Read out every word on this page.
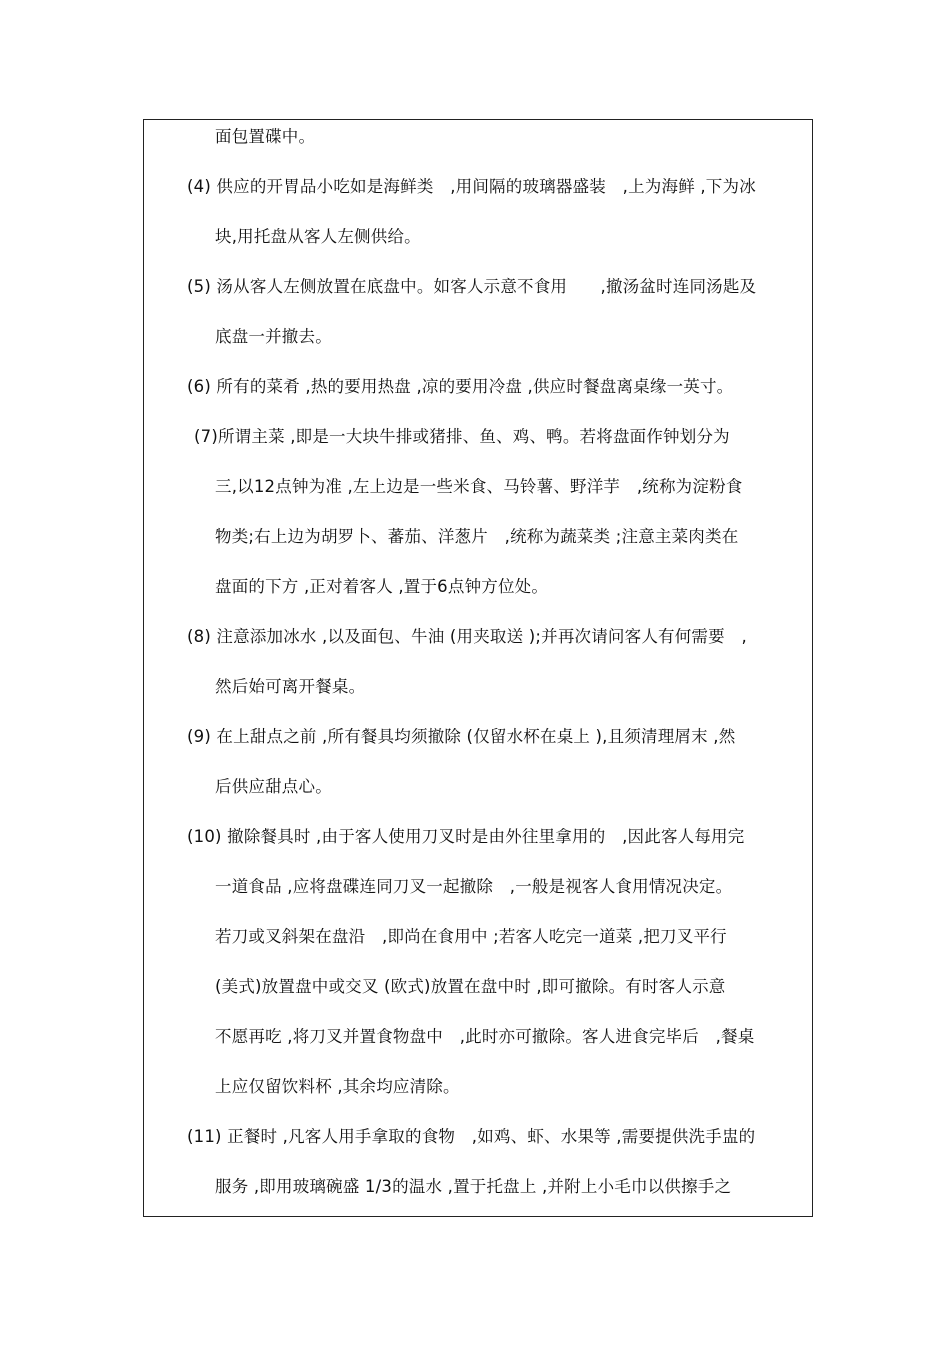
面包置碟中。
(4) 供应的开胃品小吃如是海鲜类　,用间隔的玻璃器盛装　,上为海鲜 ,下为冰
块,用托盘从客人左侧供给。
(5) 汤从客人左侧放置在底盘中。如客人示意不食用　　,撤汤盆时连同汤匙及
底盘一并撤去。
(6) 所有的菜肴 ,热的要用热盘 ,凉的要用冷盘 ,供应时餐盘离桌缘一英寸。
(7)所谓主菜 ,即是一大块牛排或猪排、鱼、鸡、鸭。若将盘面作钟划分为
三,以12点钟为准 ,左上边是一些米食、马铃薯、野洋芋　,统称为淀粉食
物类;右上边为胡罗卜、蕃茄、洋葱片　,统称为蔬菜类 ;注意主菜肉类在
盘面的下方 ,正对着客人 ,置于6点钟方位处。
(8) 注意添加冰水 ,以及面包、牛油 (用夹取送 );并再次请问客人有何需要　,
然后始可离开餐桌。
(9) 在上甜点之前 ,所有餐具均须撤除 (仅留水杯在桌上 ),且须清理屑末 ,然
后供应甜点心。
(10) 撤除餐具时 ,由于客人使用刀叉时是由外往里拿用的　,因此客人每用完
一道食品 ,应将盘碟连同刀叉一起撤除　,一般是视客人食用情况决定。
若刀或叉斜架在盘沿　,即尚在食用中 ;若客人吃完一道菜 ,把刀叉平行
(美式)放置盘中或交叉 (欧式)放置在盘中时 ,即可撤除。有时客人示意
不愿再吃 ,将刀叉并置食物盘中　,此时亦可撤除。客人进食完毕后　,餐桌
上应仅留饮料杯 ,其余均应清除。
(11) 正餐时 ,凡客人用手拿取的食物　,如鸡、虾、水果等 ,需要提供洗手盅的
服务 ,即用玻璃碗盛 1/3的温水 ,置于托盘上 ,并附上小毛巾以供擦手之
